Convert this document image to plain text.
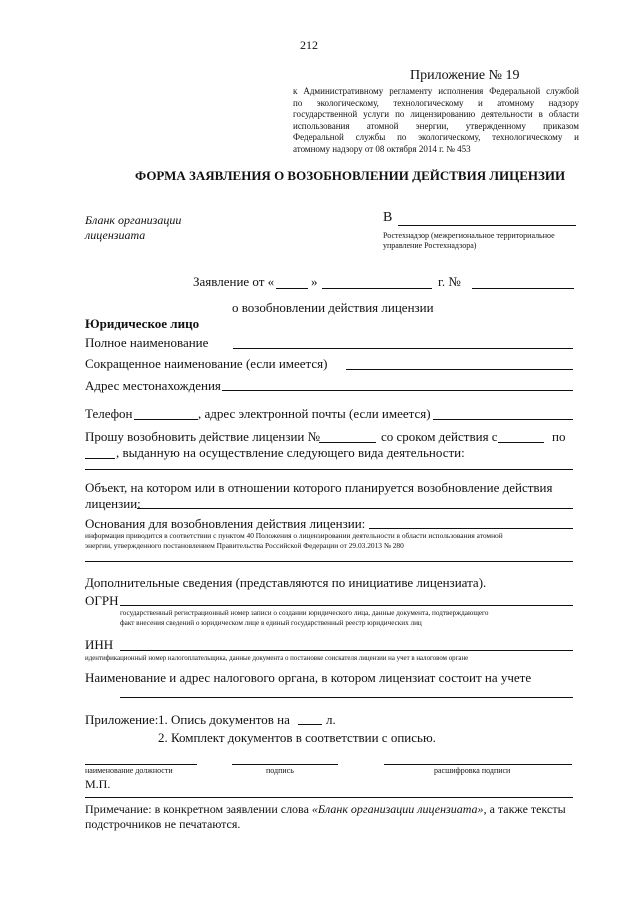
212
Приложение № 19
к Административному регламенту исполнения Федеральной службой
по экологическому, технологическому и атомному надзору
государственной услуги по лицензированию деятельности в области
использования атомной энергии, утвержденному приказом
Федеральной службы по экологическому, технологическому и
атомному надзору от 08 октября 2014 г. № 453
ФОРМА ЗАЯВЛЕНИЯ О ВОЗОБНОВЛЕНИИ ДЕЙСТВИЯ ЛИЦЕНЗИИ
Бланк организации
лицензиата
В
Ростехнадзор (межрегиональное территориальное
управление Ростехнадзора)
Заявление от «	»	г. №
о возобновлении действия лицензии
Юридическое лицо
Полное наименование
Сокращенное наименование (если имеется)
Адрес местонахождения
Телефон	, адрес электронной почты (если имеется)
Прошу возобновить действие лицензии №	со сроком действия с	по
, выданную на осуществление следующего вида деятельности:
Объект, на котором или в отношении которого планируется возобновление действия
лицензии:
Основания для возобновления действия лицензии:
информация приводится в соответствии с пунктом 40 Положения о лицензировании деятельности в области использования атомной
энергии, утвержденного постановлением Правительства Российской Федерации от 29.03.2013 № 280
Дополнительные сведения (представляются по инициативе лицензиата).
ОГРН
государственный регистрационный номер записи о создании юридического лица, данные документа, подтверждающего
факт внесения сведений о юридическом лице в единый государственный реестр юридических лиц
ИНН
идентификационный номер налогоплательщика, данные документа о постановке соискателя лицензии на учет в налоговом органе
Наименование и адрес налогового органа, в котором лицензиат состоит на учете
Приложение: 1. Опись документов на	л.
2. Комплект документов в соответствии с описью.
наименование должности	подпись	расшифровка подписи
М.П.
Примечание: в конкретном заявлении слова «Бланк организации лицензиата», а также тексты
подстрочников не печатаются.
